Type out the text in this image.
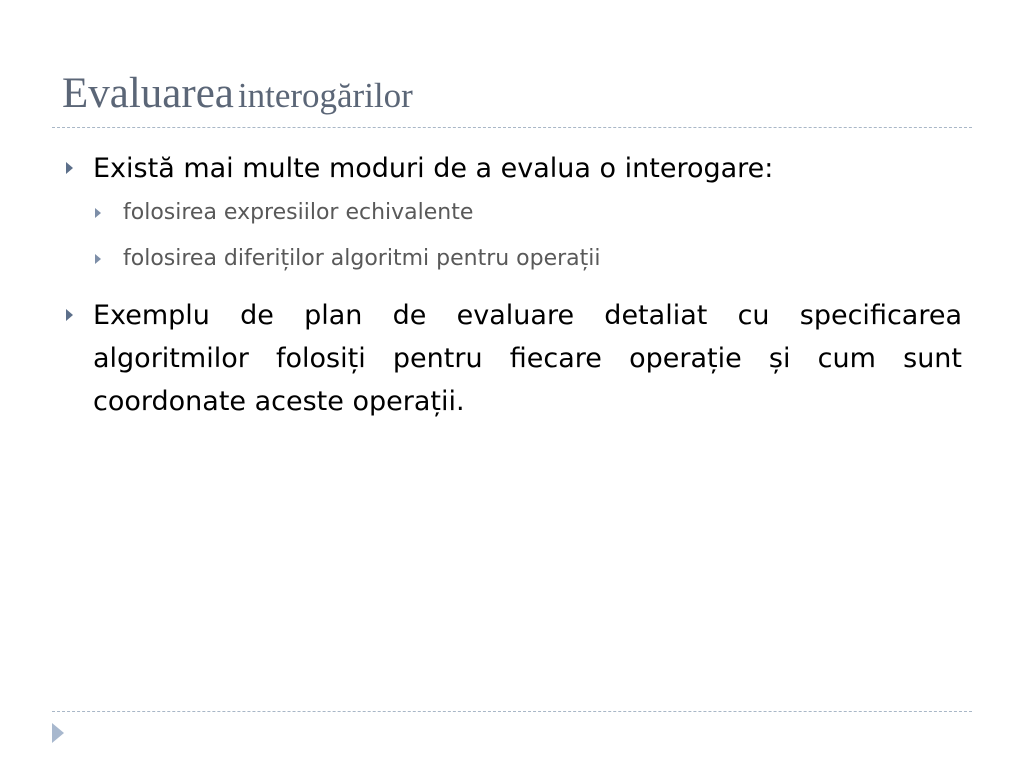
Evaluarea interogărilor
Există mai multe moduri de a evalua o interogare:
folosirea expresiilor echivalente
folosirea diferiților algoritmi pentru operații
Exemplu de plan de evaluare detaliat cu specificarea algoritmilor folosiți pentru fiecare operație și cum sunt coordonate aceste operații.
